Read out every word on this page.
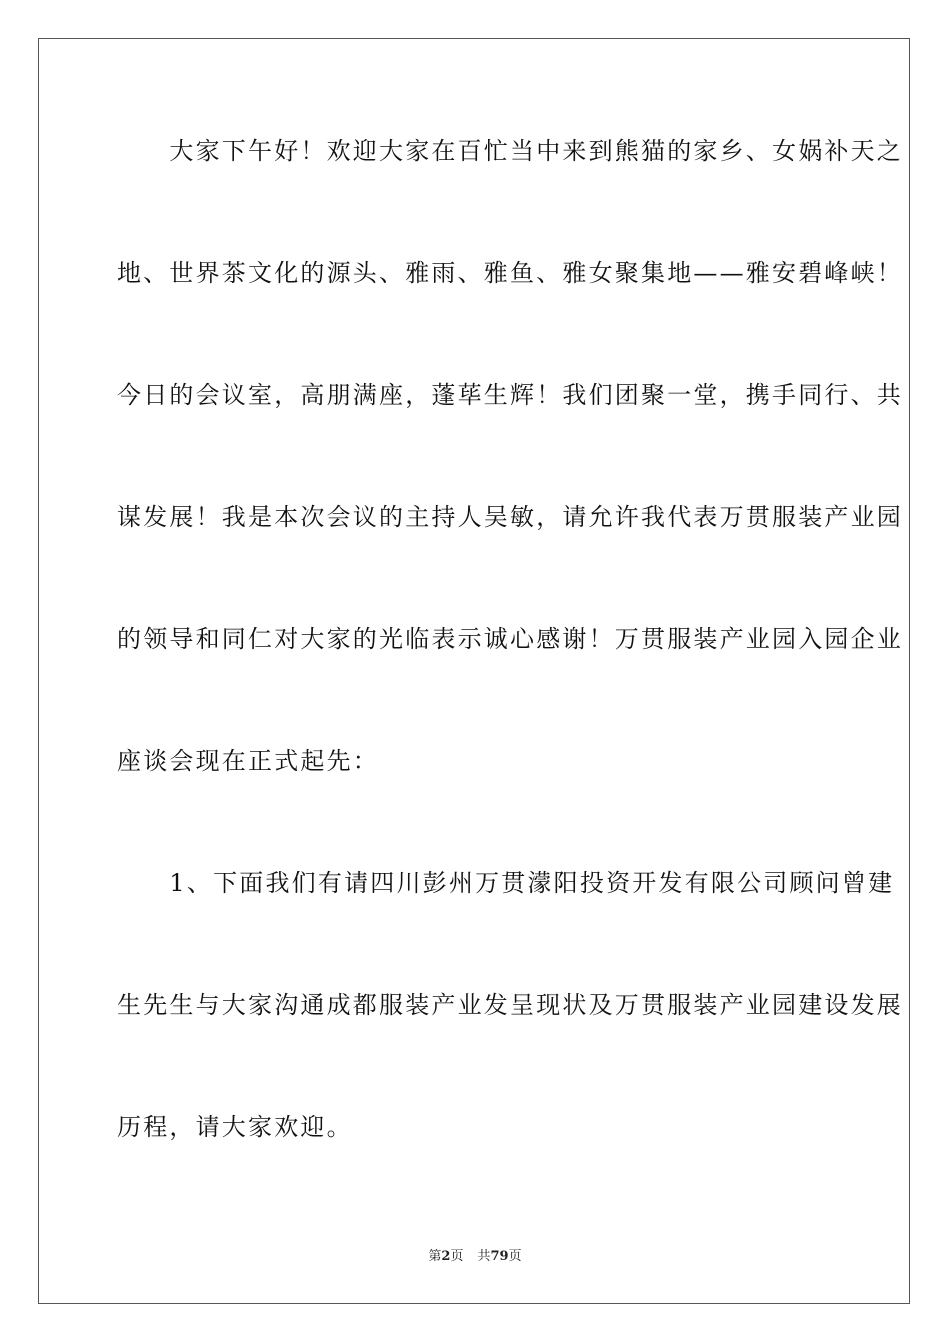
　　大家下午好！欢迎大家在百忙当中来到熊猫的家乡、女娲补天之
地、世界茶文化的源头、雅雨、雅鱼、雅女聚集地——雅安碧峰峡！
今日的会议室，高朋满座，蓬荜生辉！我们团聚一堂，携手同行、共
谋发展！我是本次会议的主持人吴敏，请允许我代表万贯服装产业园
的领导和同仁对大家的光临表示诚心感谢！万贯服装产业园入园企业
座谈会现在正式起先：
　　1、下面我们有请四川彭州万贯濛阳投资开发有限公司顾问曾建
生先生与大家沟通成都服装产业发呈现状及万贯服装产业园建设发展
历程，请大家欢迎。
第2页 共79页
